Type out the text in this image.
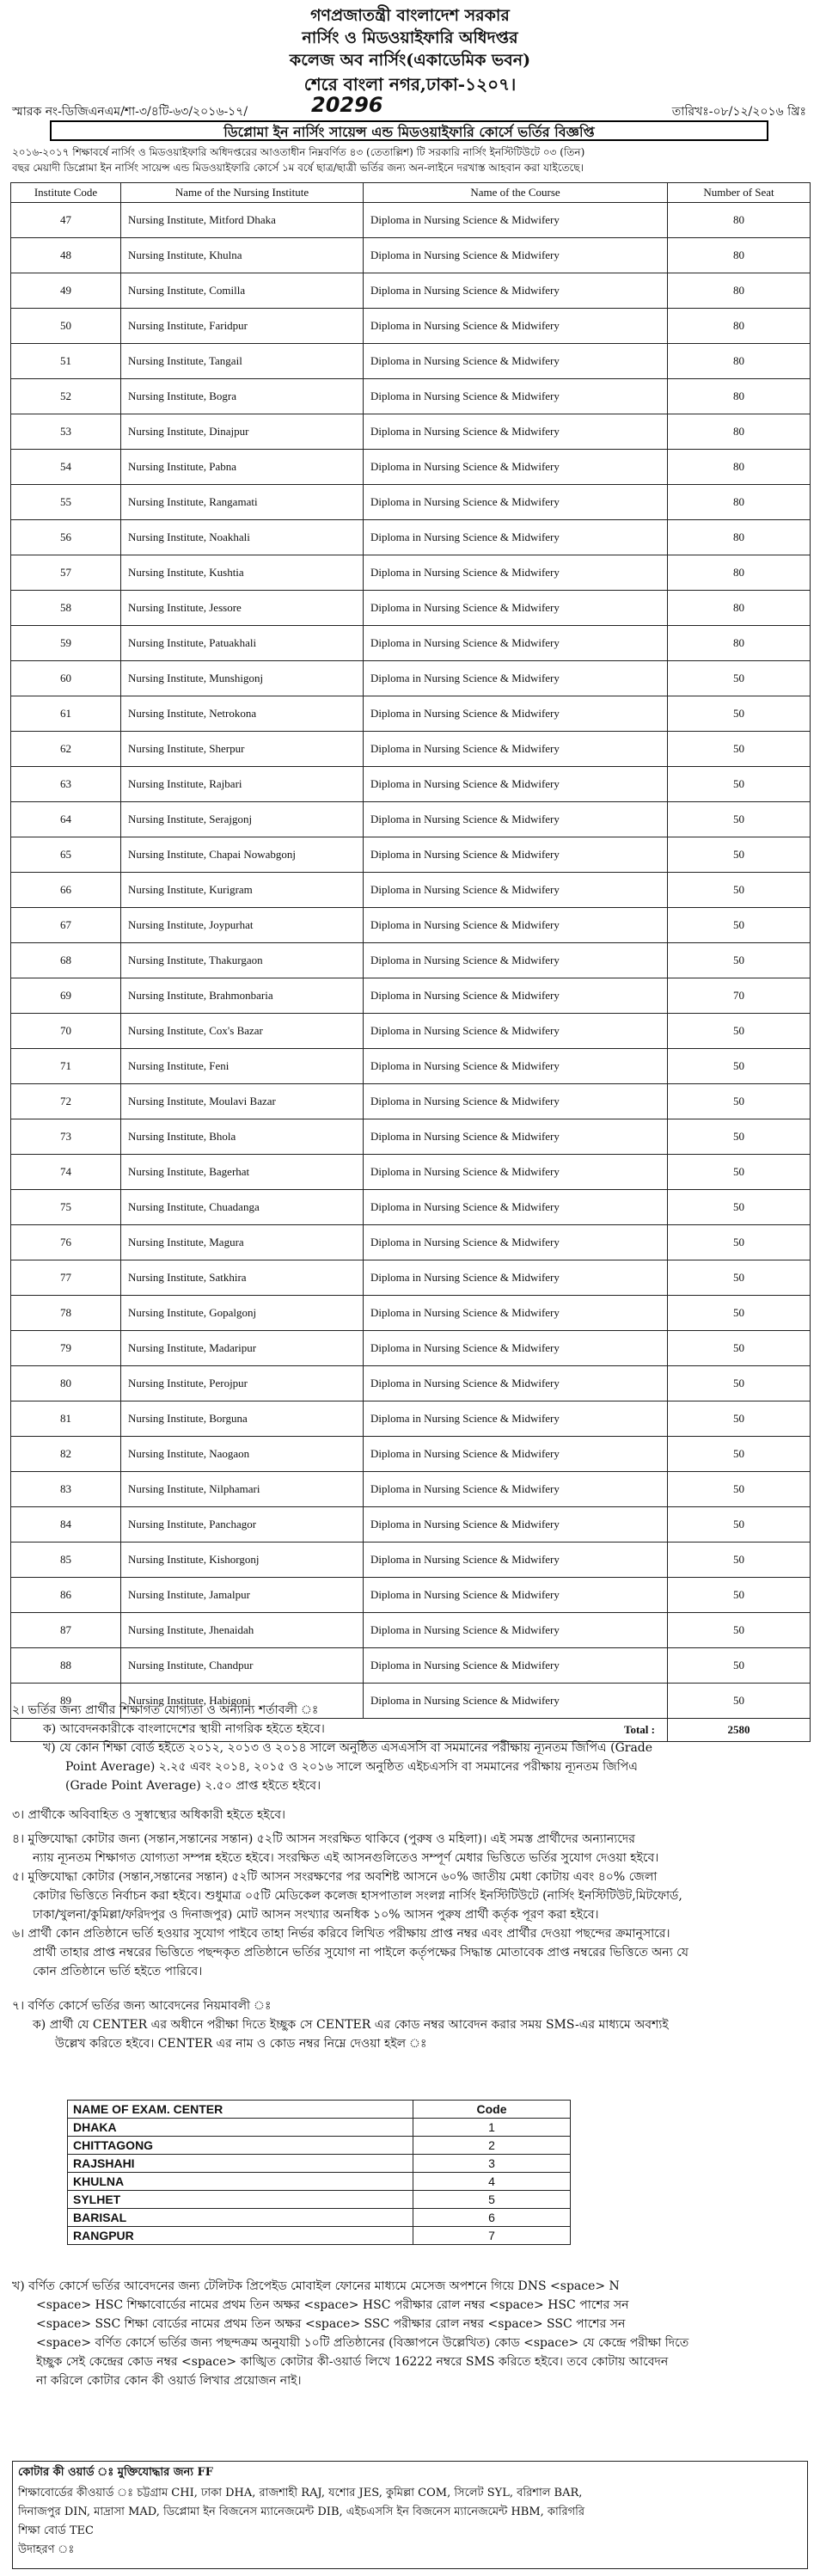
গণপ্রজাতন্ত্রী বাংলাদেশ সরকার
নার্সিং ও মিডওয়াইফারি অধিদপ্তর
কলেজ অব নার্সিং(একাডেমিক ভবন)
শেরে বাংলা নগর,ঢাকা-১২০৭।
স্মারক নং-ডিজিএনএম/শা-৩/৪টি-৬৩/২০১৬-১৭/	20296	তারিখঃ-০৮/১২/২০১৬ খ্রিঃ
ডিপ্লোমা ইন নার্সিং সায়েন্স এন্ড মিডওয়াইফারি কোর্সে ভর্তির বিজ্ঞপ্তি
২০১৬-২০১৭ শিক্ষাবর্ষে নার্সিং ও মিডওয়াইফারি অধিদপ্তরের আওতাধীন নিম্নবর্ণিত ৪৩ (তেতাল্লিশ) টি সরকারি নার্সিং ইনস্টিটিউটে ০৩ (তিন)
বছর মেয়াদী ডিপ্লোমা ইন নার্সিং সায়েন্স এন্ড মিডওয়াইফারি কোর্সে ১ম বর্ষে ছাত্র/ছাত্রী ভর্তির জন্য অন-লাইনে দরখাস্ত আহবান করা যাইতেছে।
Institute Code	Name of the Nursing Institute	Name of the Course	Number of Seat
47	Nursing Institute, Mitford Dhaka	Diploma in Nursing Science & Midwifery	80
48	Nursing Institute, Khulna	Diploma in Nursing Science & Midwifery	80
49	Nursing Institute, Comilla	Diploma in Nursing Science & Midwifery	80
50	Nursing Institute, Faridpur	Diploma in Nursing Science & Midwifery	80
51	Nursing Institute, Tangail	Diploma in Nursing Science & Midwifery	80
52	Nursing Institute, Bogra	Diploma in Nursing Science & Midwifery	80
53	Nursing Institute, Dinajpur	Diploma in Nursing Science & Midwifery	80
54	Nursing Institute, Pabna	Diploma in Nursing Science & Midwifery	80
55	Nursing Institute, Rangamati	Diploma in Nursing Science & Midwifery	80
56	Nursing Institute, Noakhali	Diploma in Nursing Science & Midwifery	80
57	Nursing Institute, Kushtia	Diploma in Nursing Science & Midwifery	80
58	Nursing Institute, Jessore	Diploma in Nursing Science & Midwifery	80
59	Nursing Institute, Patuakhali	Diploma in Nursing Science & Midwifery	80
60	Nursing Institute, Munshigonj	Diploma in Nursing Science & Midwifery	50
61	Nursing Institute, Netrokona	Diploma in Nursing Science & Midwifery	50
62	Nursing Institute, Sherpur	Diploma in Nursing Science & Midwifery	50
63	Nursing Institute, Rajbari	Diploma in Nursing Science & Midwifery	50
64	Nursing Institute, Serajgonj	Diploma in Nursing Science & Midwifery	50
65	Nursing Institute, Chapai Nowabgonj	Diploma in Nursing Science & Midwifery	50
66	Nursing Institute, Kurigram	Diploma in Nursing Science & Midwifery	50
67	Nursing Institute, Joypurhat	Diploma in Nursing Science & Midwifery	50
68	Nursing Institute, Thakurgaon	Diploma in Nursing Science & Midwifery	50
69	Nursing Institute, Brahmonbaria	Diploma in Nursing Science & Midwifery	70
70	Nursing Institute, Cox's Bazar	Diploma in Nursing Science & Midwifery	50
71	Nursing Institute, Feni	Diploma in Nursing Science & Midwifery	50
72	Nursing Institute, Moulavi Bazar	Diploma in Nursing Science & Midwifery	50
73	Nursing Institute, Bhola	Diploma in Nursing Science & Midwifery	50
74	Nursing Institute, Bagerhat	Diploma in Nursing Science & Midwifery	50
75	Nursing Institute, Chuadanga	Diploma in Nursing Science & Midwifery	50
76	Nursing Institute, Magura	Diploma in Nursing Science & Midwifery	50
77	Nursing Institute, Satkhira	Diploma in Nursing Science & Midwifery	50
78	Nursing Institute, Gopalgonj	Diploma in Nursing Science & Midwifery	50
79	Nursing Institute, Madaripur	Diploma in Nursing Science & Midwifery	50
80	Nursing Institute, Perojpur	Diploma in Nursing Science & Midwifery	50
81	Nursing Institute, Borguna	Diploma in Nursing Science & Midwifery	50
82	Nursing Institute, Naogaon	Diploma in Nursing Science & Midwifery	50
83	Nursing Institute, Nilphamari	Diploma in Nursing Science & Midwifery	50
84	Nursing Institute, Panchagor	Diploma in Nursing Science & Midwifery	50
85	Nursing Institute, Kishorgonj	Diploma in Nursing Science & Midwifery	50
86	Nursing Institute, Jamalpur	Diploma in Nursing Science & Midwifery	50
87	Nursing Institute, Jhenaidah	Diploma in Nursing Science & Midwifery	50
88	Nursing Institute, Chandpur	Diploma in Nursing Science & Midwifery	50
89	Nursing Institute, Habigonj	Diploma in Nursing Science & Midwifery	50
Total :			2580
২। ভর্তির জন্য প্রার্থীর শিক্ষাগত যোগ্যতা ও অন্যান্য শর্তাবলী ঃ
ক) আবেদনকারীকে বাংলাদেশের স্থায়ী নাগরিক হইতে হইবে।
খ) যে কোন শিক্ষা বোর্ড হইতে ২০১২, ২০১৩ ও ২০১৪ সালে অনুষ্ঠিত এসএসসি বা সমমানের পরীক্ষায় ন্যূনতম জিপিএ (Grade
Point Average) ২.২৫ এবং ২০১৪, ২০১৫ ও ২০১৬ সালে অনুষ্ঠিত এইচএসসি বা সমমানের পরীক্ষায় ন্যূনতম জিপিএ
(Grade Point Average) ২.৫০ প্রাপ্ত হইতে হইবে।
৩। প্রার্থীকে অবিবাহিত ও সুস্বাস্থ্যের অধিকারী হইতে হইবে।
৪। মুক্তিযোদ্ধা কোটার জন্য (সন্তান,সন্তানের সন্তান) ৫২টি আসন সংরক্ষিত থাকিবে (পুরুষ ও মহিলা)। এই সমস্ত প্রার্থীদের অন্যান্যদের
ন্যায় ন্যূনতম শিক্ষাগত যোগ্যতা সম্পন্ন হইতে হইবে। সংরক্ষিত এই আসনগুলিতেও সম্পূর্ণ মেধার ভিত্তিতে ভর্তির সুযোগ দেওয়া হইবে।
৫। মুক্তিযোদ্ধা কোটার (সন্তান,সন্তানের সন্তান) ৫২টি আসন সংরক্ষণের পর অবশিষ্ট আসনে ৬০% জাতীয় মেধা কোটায় এবং ৪০% জেলা
কোটার ভিত্তিতে নির্বাচন করা হইবে। শুধুমাত্র ০৫টি মেডিকেল কলেজ হাসপাতাল সংলগ্ন নার্সিং ইনস্টিটিউটে (নার্সিং ইনস্টিটিউট,মিটফোর্ড,
ঢাকা/খুলনা/কুমিল্লা/ফরিদপুর ও দিনাজপুর) মোট আসন সংখ্যার অনধিক ১০% আসন পুরুষ প্রার্থী কর্তৃক পূরণ করা হইবে।
৬। প্রার্থী কোন প্রতিষ্ঠানে ভর্তি হওয়ার সুযোগ পাইবে তাহা নির্ভর করিবে লিখিত পরীক্ষায় প্রাপ্ত নম্বর এবং প্রার্থীর দেওয়া পছন্দের ক্রমানুসারে।
প্রার্থী তাহার প্রাপ্ত নম্বরের ভিত্তিতে পছন্দকৃত প্রতিষ্ঠানে ভর্তির সুযোগ না পাইলে কর্তৃপক্ষের সিদ্ধান্ত মোতাবেক প্রাপ্ত নম্বরের ভিত্তিতে অন্য যে
কোন প্রতিষ্ঠানে ভর্তি হইতে পারিবে।
৭। বর্ণিত কোর্সে ভর্তির জন্য আবেদনের নিয়মাবলী ঃ
ক) প্রার্থী যে CENTER এর অধীনে পরীক্ষা দিতে ইচ্ছুক সে CENTER এর কোড নম্বর আবেদন করার সময় SMS-এর মাধ্যমে অবশ্যই
উল্লেখ করিতে হইবে। CENTER এর নাম ও কোড নম্বর নিম্নে দেওয়া হইল ঃ
NAME OF EXAM. CENTER	Code
DHAKA	1
CHITTAGONG	2
RAJSHAHI	3
KHULNA	4
SYLHET	5
BARISAL	6
RANGPUR	7
খ) বর্ণিত কোর্সে ভর্তির আবেদনের জন্য টেলিটক প্রিপেইড মোবাইল ফোনের মাধ্যমে মেসেজ অপশনে গিয়ে DNS <space> N
<space> HSC শিক্ষাবোর্ডের নামের প্রথম তিন অক্ষর <space> HSC পরীক্ষার রোল নম্বর <space> HSC পাশের সন
<space> SSC শিক্ষা বোর্ডের নামের প্রথম তিন অক্ষর <space> SSC পরীক্ষার রোল নম্বর <space> SSC পাশের সন
<space> বর্ণিত কোর্সে ভর্তির জন্য পছন্দক্রম অনুযায়ী ১০টি প্রতিষ্ঠানের (বিজ্ঞাপনে উল্লেখিত) কোড <space> যে কেন্দ্রে পরীক্ষা দিতে
ইচ্ছুক সেই কেন্দ্রের কোড নম্বর <space> কাঙ্খিত কোটার কী-ওয়ার্ড লিখে 16222 নম্বরে SMS করিতে হইবে। তবে কোটায় আবেদন
না করিলে কোটার কোন কী ওয়ার্ড লিখার প্রয়োজন নাই।
কোটার কী ওয়ার্ড ঃ মুক্তিযোদ্ধার জন্য FF
শিক্ষাবোর্ডের কীওয়ার্ড ঃ চট্টগ্রাম CHI, ঢাকা DHA, রাজশাহী RAJ, যশোর JES, কুমিল্লা COM, সিলেট SYL, বরিশাল BAR,
দিনাজপুর DIN, মাদ্রাসা MAD, ডিপ্লোমা ইন বিজনেস ম্যানেজমেন্ট DIB, এইচএসসি ইন বিজনেস ম্যানেজমেন্ট HBM, কারিগরি
শিক্ষা বোর্ড TEC
উদাহরণ ঃ
